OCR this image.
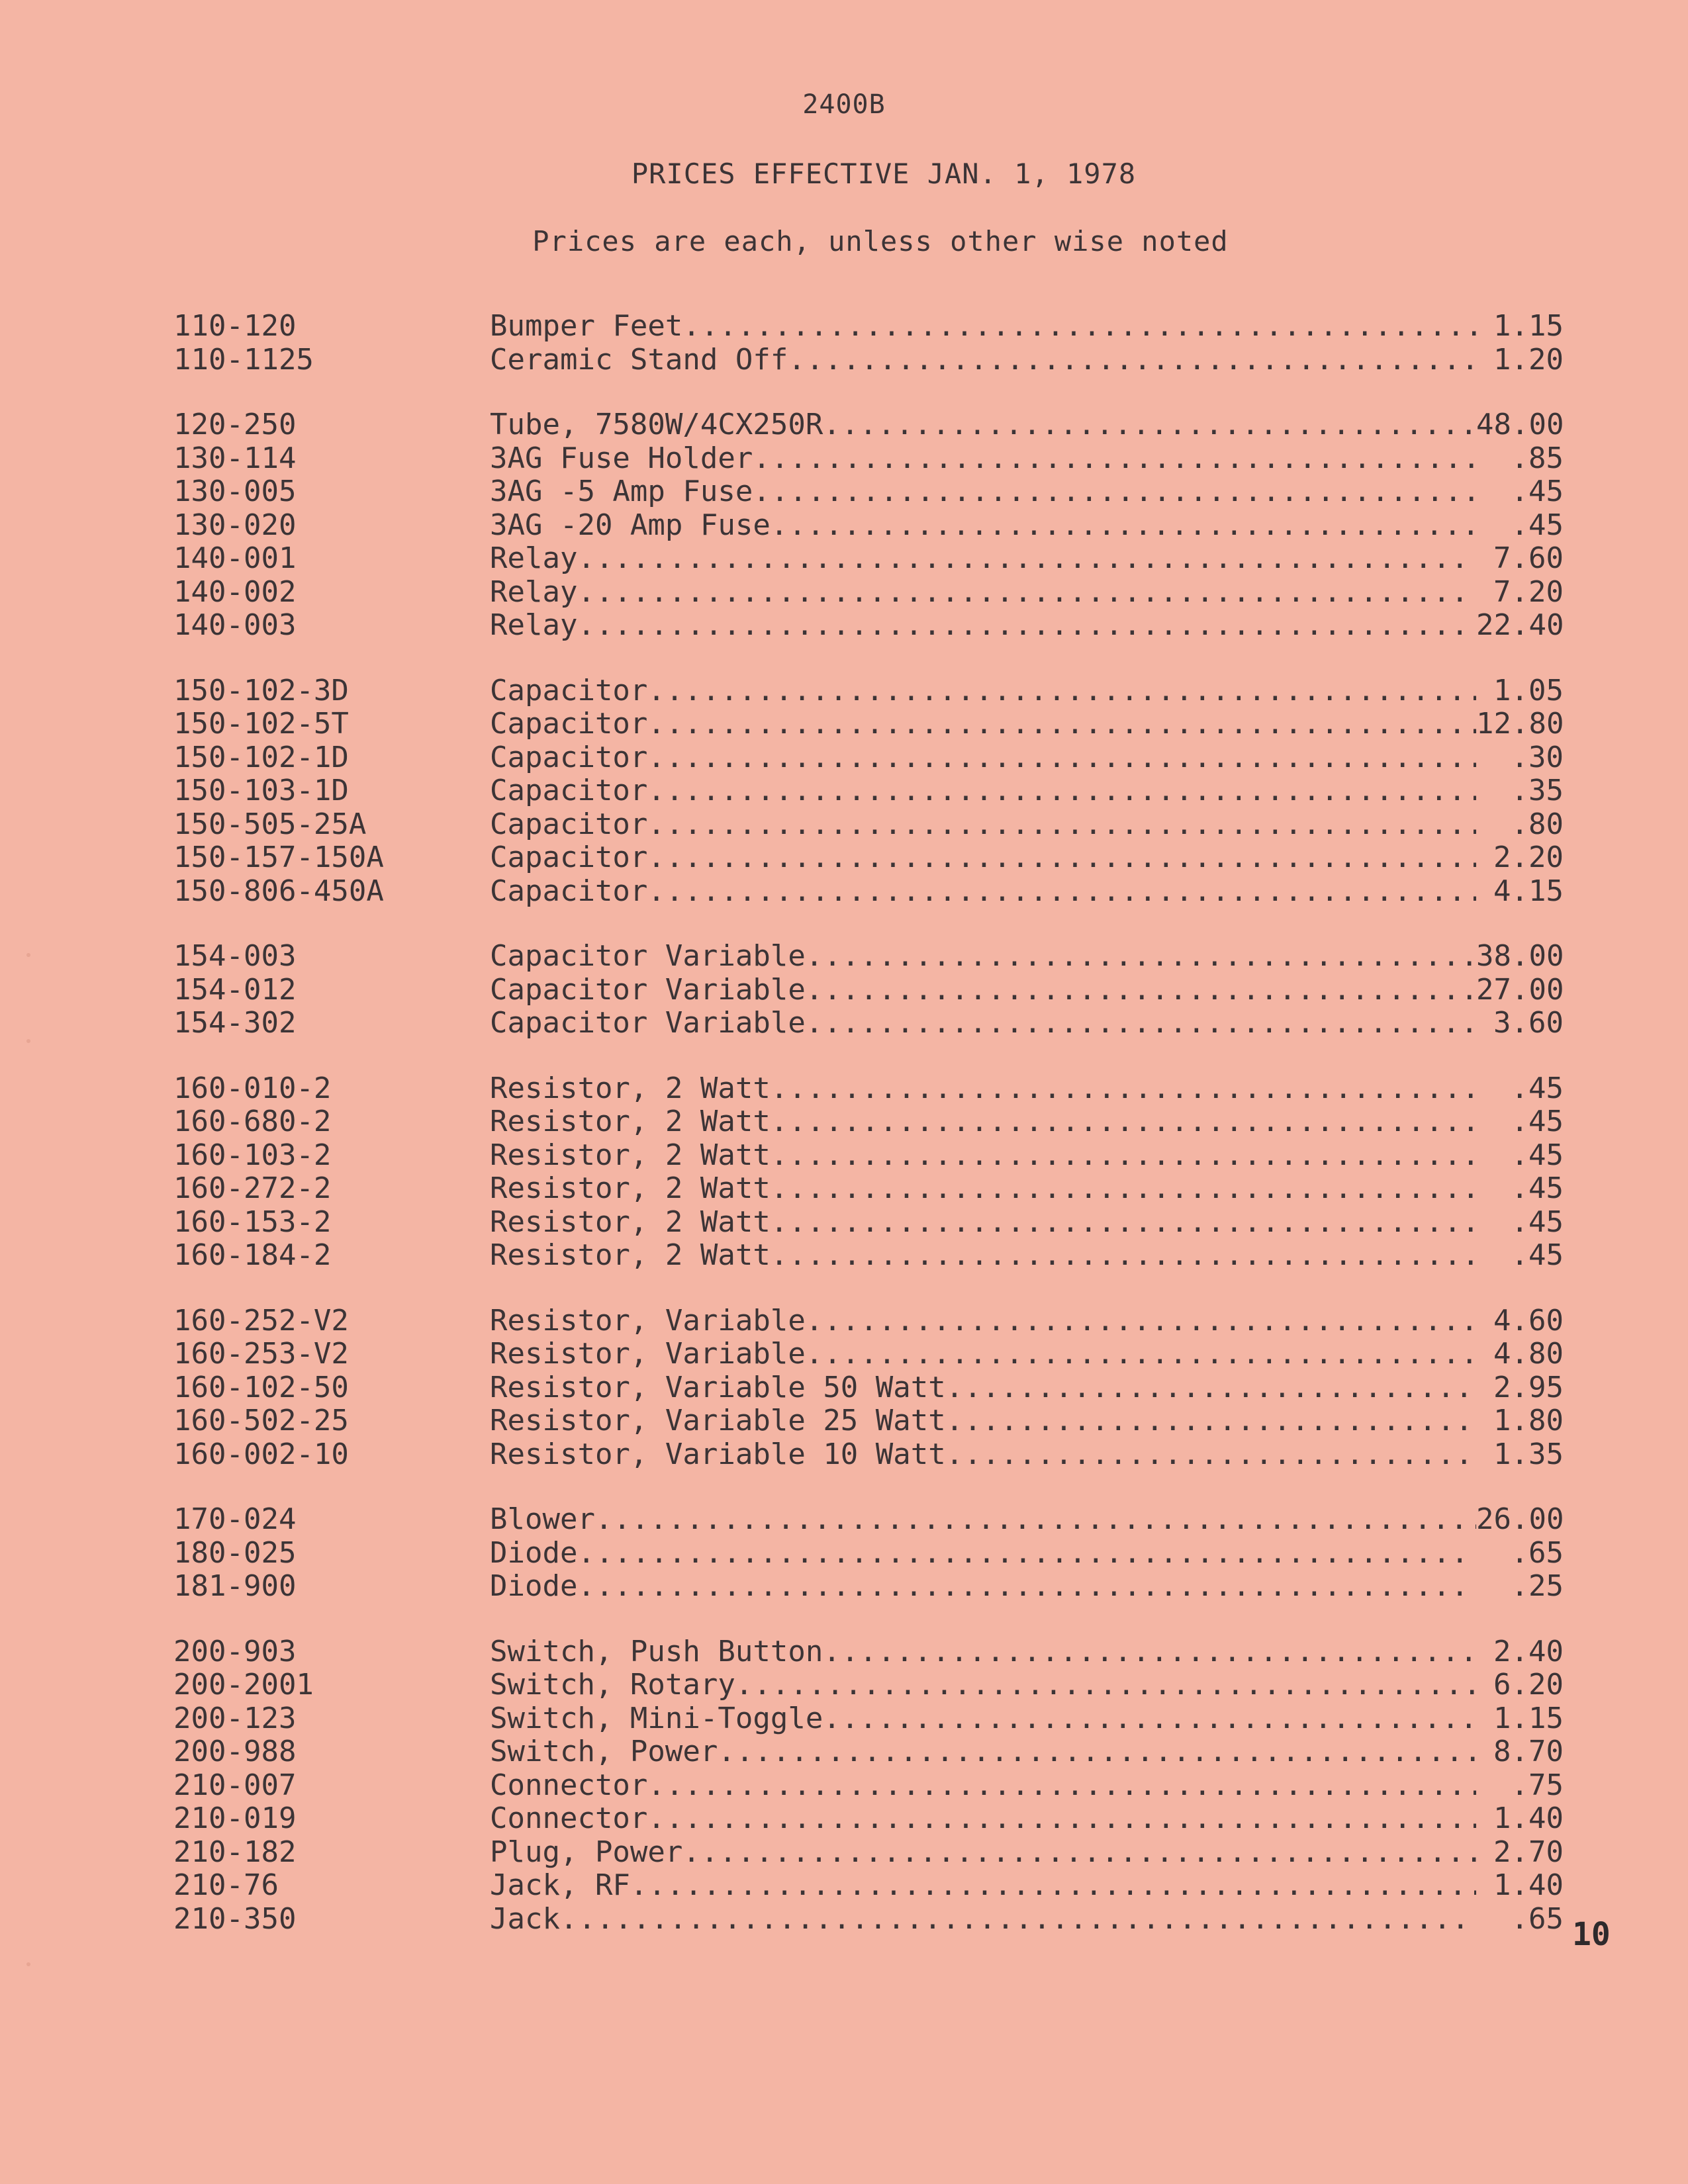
2400B
PRICES EFFECTIVE JAN. 1, 1978
Prices are each, unless other wise noted
110-120	Bumper Feet .....	1.15
110-1125	Ceramic Stand Off .....	1.20
120-250	Tube, 7580W/4CX250R .....	48.00
130-114	3AG Fuse Holder .....	.85
130-005	3AG -5 Amp Fuse .....	.45
130-020	3AG -20 Amp Fuse .....	.45
140-001	Relay .....	7.60
140-002	Relay .....	7.20
140-003	Relay .....	22.40
150-102-3D	Capacitor .....	1.05
150-102-5T	Capacitor .....	12.80
150-102-1D	Capacitor .....	.30
150-103-1D	Capacitor .....	.35
150-505-25A	Capacitor .....	.80
150-157-150A	Capacitor .....	2.20
150-806-450A	Capacitor .....	4.15
154-003	Capacitor Variable .....	38.00
154-012	Capacitor Variable .....	27.00
154-302	Capacitor Variable .....	3.60
160-010-2	Resistor, 2 Watt .....	.45
160-680-2	Resistor, 2 Watt .....	.45
160-103-2	Resistor, 2 Watt .....	.45
160-272-2	Resistor, 2 Watt .....	.45
160-153-2	Resistor, 2 Watt .....	.45
160-184-2	Resistor, 2 Watt .....	.45
160-252-V2	Resistor, Variable .....	4.60
160-253-V2	Resistor, Variable .....	4.80
160-102-50	Resistor, Variable 50 Watt .....	2.95
160-502-25	Resistor, Variable 25 Watt .....	1.80
160-002-10	Resistor, Variable 10 Watt .....	1.35
170-024	Blower .....	26.00
180-025	Diode .....	.65
181-900	Diode .....	.25
200-903	Switch, Push Button .....	2.40
200-2001	Switch, Rotary .....	6.20
200-123	Switch, Mini-Toggle .....	1.15
200-988	Switch, Power .....	8.70
210-007	Connector .....	.75
210-019	Connector .....	1.40
210-182	Plug, Power .....	2.70
210-76	Jack, RF .....	1.40
210-350	Jack .....	.65 10
